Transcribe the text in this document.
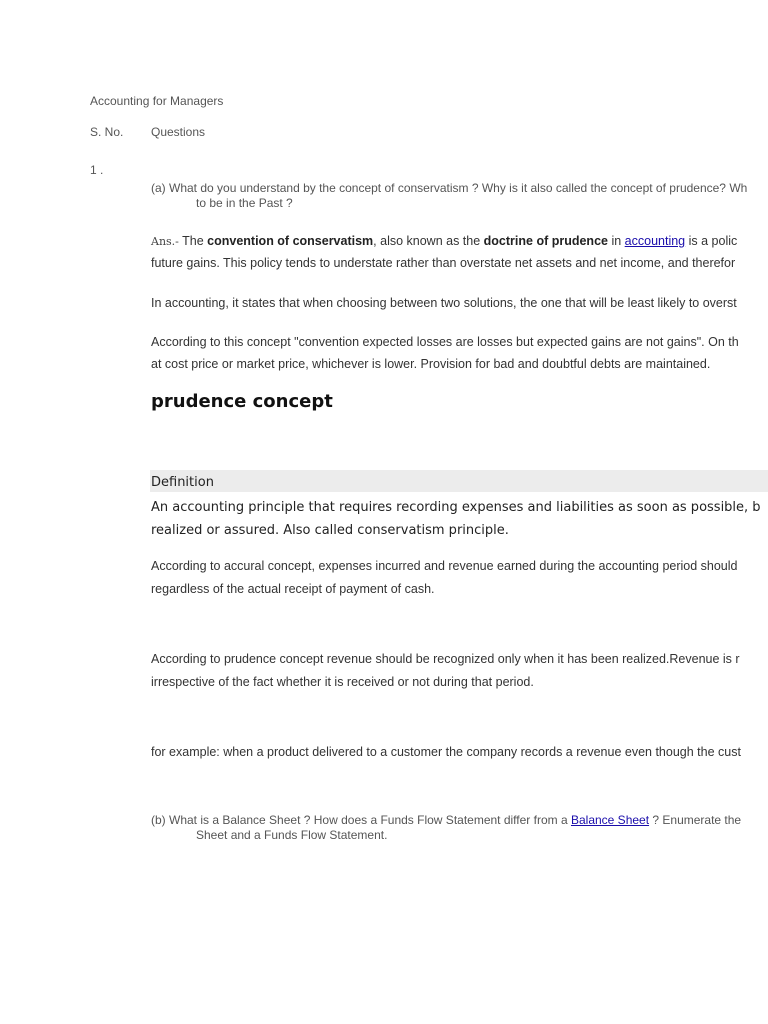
Accounting for Managers
S. No. Questions
1 .
(a) What do you understand by the concept of conservatism ? Why is it also called the concept of prudence? Wh
to be in the Past ?
Ans.- The convention of conservatism, also known as the doctrine of prudence in accounting is a polic
future gains. This policy tends to understate rather than overstate net assets and net income, and therefor
In accounting, it states that when choosing between two solutions, the one that will be least likely to overst
According to this concept "convention expected losses are losses but expected gains are not gains". On th
at cost price or market price, whichever is lower. Provision for bad and doubtful debts are maintained.
prudence concept
Definition
An accounting principle that requires recording expenses and liabilities as soon as possible, b
realized or assured. Also called conservatism principle.
According to accural concept, expenses incurred and revenue earned during the accounting period should
regardless of the actual receipt of payment of cash.
According to prudence concept revenue should be recognized only when it has been realized.Revenue is r
irrespective of the fact whether it is received or not during that period.
for example: when a product delivered to a customer the company records a revenue even though the cust
(b) What is a Balance Sheet ? How does a Funds Flow Statement differ from a Balance Sheet ? Enumerate the
Sheet and a Funds Flow Statement.
